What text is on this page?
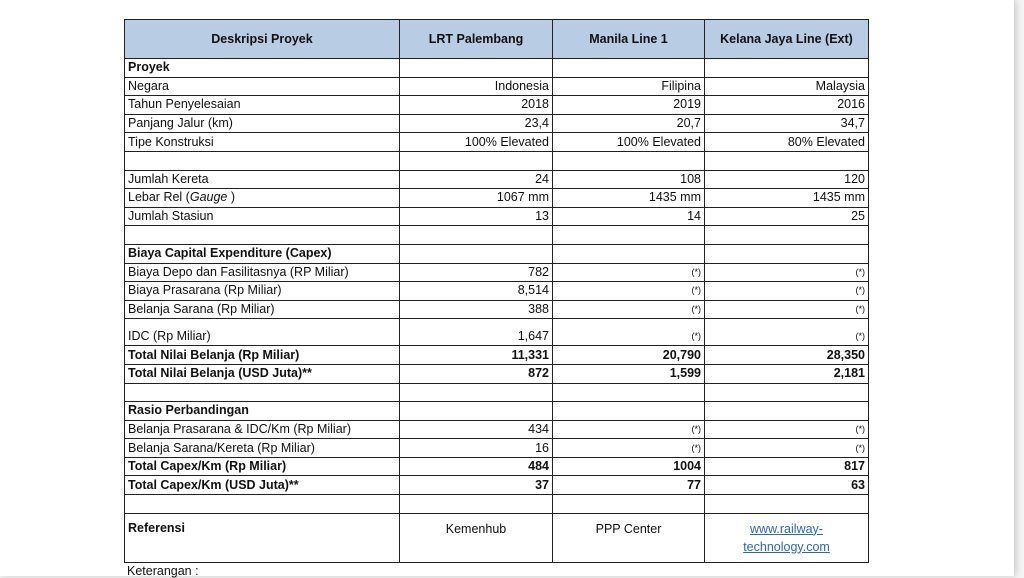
Deskripsi Proyek	LRT Palembang	Manila Line 1	Kelana Jaya Line (Ext)
Proyek			
Negara	Indonesia	Filipina	Malaysia
Tahun Penyelesaian	2018	2019	2016
Panjang Jalur (km)	23,4	20,7	34,7
Tipe Konstruksi	100% Elevated	100% Elevated	80% Elevated

Jumlah Kereta	24	108	120
Lebar Rel (Gauge )	1067 mm	1435 mm	1435 mm
Jumlah Stasiun	13	14	25

Biaya Capital Expenditure (Capex)			
Biaya Depo dan Fasilitasnya (RP Miliar)	782	(*)	(*)
Biaya Prasarana (Rp Miliar)	8,514	(*)	(*)
Belanja Sarana (Rp Miliar)	388	(*)	(*)
IDC (Rp Miliar)	1,647	(*)	(*)
Total Nilai Belanja (Rp Miliar)	11,331	20,790	28,350
Total Nilai Belanja (USD Juta)**	872	1,599	2,181

Rasio Perbandingan			
Belanja Prasarana & IDC/Km (Rp Miliar)	434	(*)	(*)
Belanja Sarana/Kereta (Rp Miliar)	16	(*)	(*)
Total Capex/Km (Rp Miliar)	484	1004	817
Total Capex/Km (USD Juta)**	37	77	63

Referensi	Kemenhub	PPP Center	www.railway-technology.com
Keterangan :
